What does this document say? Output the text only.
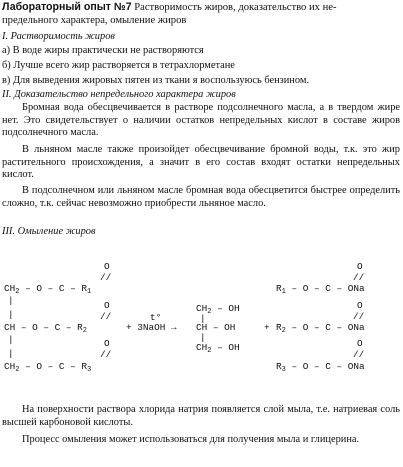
Лабораторный опыт №7 Растворимость жиров, доказательство их не-
предельного характера, омыление жиров
I. Растворимость жиров
а) В воде жиры практически не растворяются
б) Лучше всего жир растворяется в тетрахлорметане
в) Для выведения жировых пятен из ткани я воспользуюсь бензином.
II. Доказательство непредельного характера жиров
Бромная вода обесцвечивается в растворе подсолнечного масла, а в твердом жире нет. Это свидетельствует о наличии остатков непредельных кислот в составе жиров подсолнечного масла.
В льняном масле также произойдет обесцвечивание бромной воды, т.к. это жир растительного происхождения, а значит в его состав входят остатки непредельных кислот.
В подсолнечном или льняном масле бромная вода обесцветится быстрее определить сложно, т.к. сейчас невозможно приобрести льняное масло.
III. Омыление жиров
O
//
O
//
O
//
$CH_2$ – O – C – $R_1$
|
|
CH – O – C – $R_2$
|
|
$CH_2$ – O – C – $R_3$
t°
+ 3NaOH →
$CH_2$ – OH
|
CH – OH
|
$CH_2$ – OH
+
O
//
$R_1$ – O – C – ONa
O
//
$R_2$ – O – C – ONa
O
//
$R_3$ – O – C – ONa
На поверхности раствора хлорида натрия появляется слой мыла, т.е. натриевая соль высшей карбоновой кислоты.
Процесс омыления может использоваться для получения мыла и глицерина.
